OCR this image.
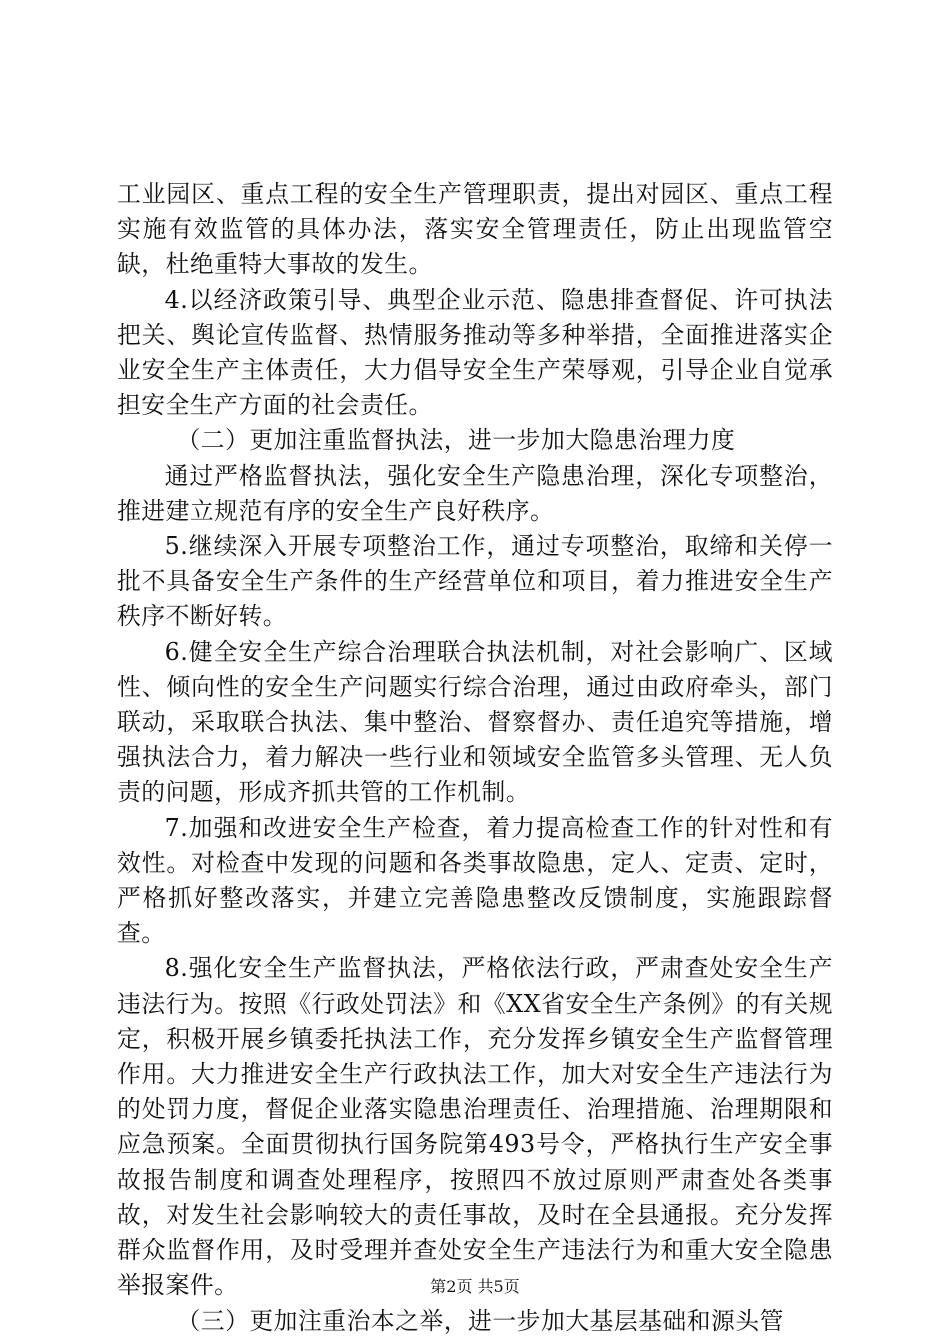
工业园区、重点工程的安全生产管理职责，提出对园区、重点工程实施有效监管的具体办法，落实安全管理责任，防止出现监管空缺，杜绝重特大事故的发生。

4.以经济政策引导、典型企业示范、隐患排查督促、许可执法把关、舆论宣传监督、热情服务推动等多种举措，全面推进落实企业安全生产主体责任，大力倡导安全生产荣辱观，引导企业自觉承担安全生产方面的社会责任。

（二）更加注重监督执法，进一步加大隐患治理力度

通过严格监督执法，强化安全生产隐患治理，深化专项整治，推进建立规范有序的安全生产良好秩序。

5.继续深入开展专项整治工作，通过专项整治，取缔和关停一批不具备安全生产条件的生产经营单位和项目，着力推进安全生产秩序不断好转。

6.健全安全生产综合治理联合执法机制，对社会影响广、区域性、倾向性的安全生产问题实行综合治理，通过由政府牵头，部门联动，采取联合执法、集中整治、督察督办、责任追究等措施，增强执法合力，着力解决一些行业和领域安全监管多头管理、无人负责的问题，形成齐抓共管的工作机制。

7.加强和改进安全生产检查，着力提高检查工作的针对性和有效性。对检查中发现的问题和各类事故隐患，定人、定责、定时，严格抓好整改落实，并建立完善隐患整改反馈制度，实施跟踪督查。

8.强化安全生产监督执法，严格依法行政，严肃查处安全生产违法行为。按照《行政处罚法》和《XX省安全生产条例》的有关规定，积极开展乡镇委托执法工作，充分发挥乡镇安全生产监督管理作用。大力推进安全生产行政执法工作，加大对安全生产违法行为的处罚力度，督促企业落实隐患治理责任、治理措施、治理期限和应急预案。全面贯彻执行国务院第493号令，严格执行生产安全事故报告制度和调查处理程序，按照四不放过原则严肃查处各类事故，对发生社会影响较大的责任事故，及时在全县通报。充分发挥群众监督作用，及时受理并查处安全生产违法行为和重大安全隐患举报案件。

（三）更加注重治本之举，进一步加大基层基础和源头管

第2页 共5页
